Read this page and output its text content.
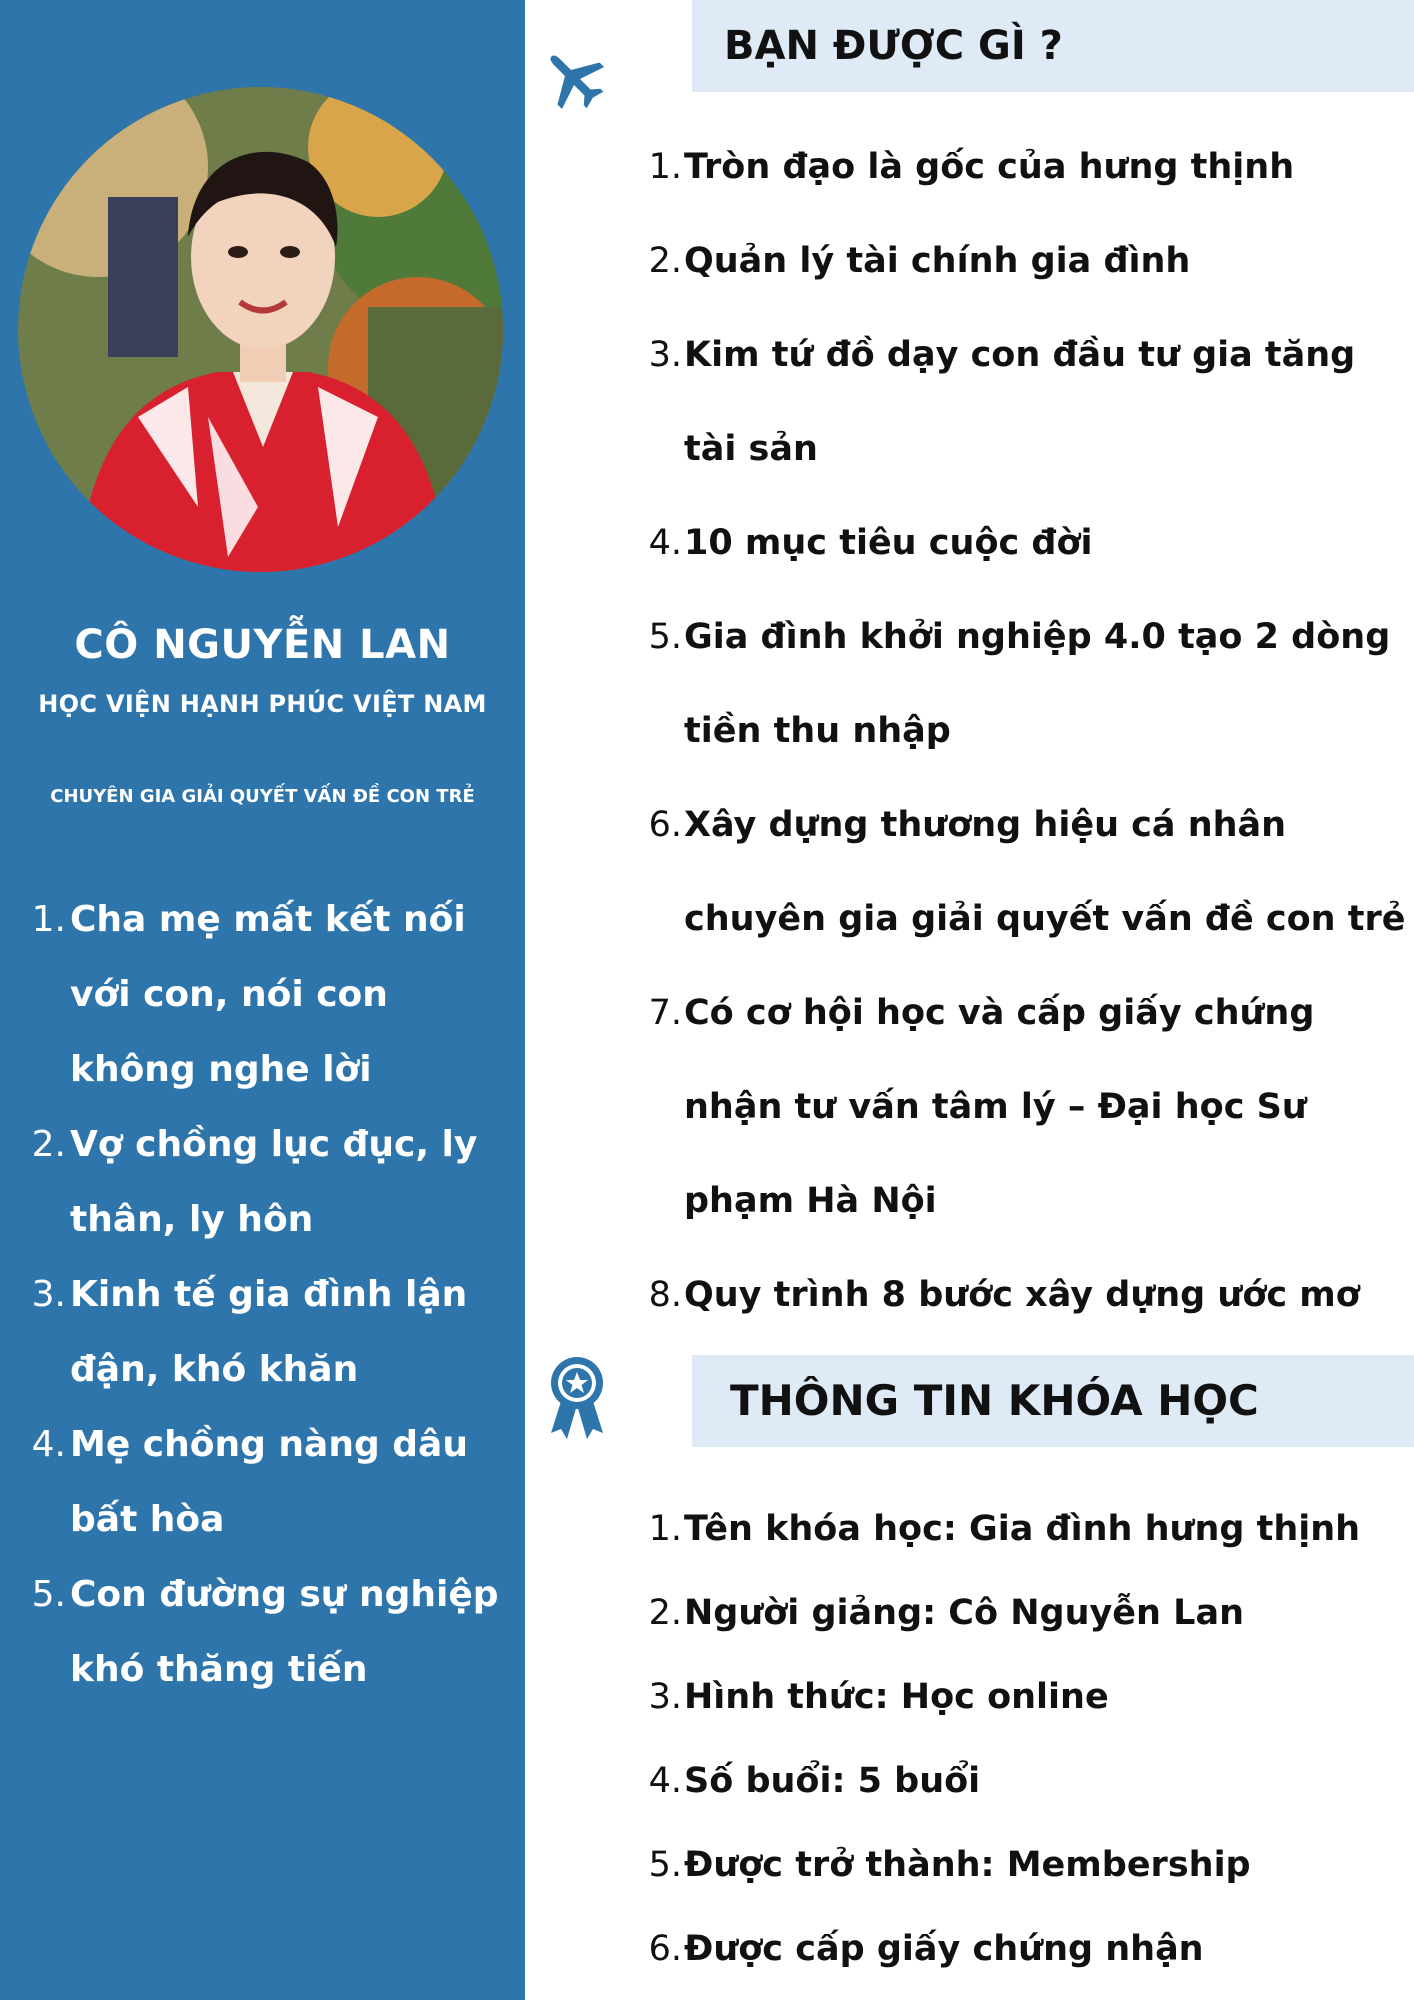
CÔ NGUYỄN LAN
HỌC VIỆN HẠNH PHÚC VIỆT NAM
CHUYÊN GIA GIẢI QUYẾT VẤN ĐỀ CON TRẺ
1. Cha mẹ mất kết nối với con, nói con không nghe lời
2. Vợ chồng lục đục, ly thân, ly hôn
3. Kinh tế gia đình lận đận, khó khăn
4. Mẹ chồng nàng dâu bất hòa
5. Con đường sự nghiệp khó thăng tiến
BẠN ĐƯỢC GÌ ?
1. Tròn đạo là gốc của hưng thịnh
2. Quản lý tài chính gia đình
3. Kim tứ đồ dạy con đầu tư gia tăng tài sản
4. 10 mục tiêu cuộc đời
5. Gia đình khởi nghiệp 4.0 tạo 2 dòng tiền thu nhập
6. Xây dựng thương hiệu cá nhân chuyên gia giải quyết vấn đề con trẻ
7. Có cơ hội học và cấp giấy chứng nhận tư vấn tâm lý – Đại học Sư phạm Hà Nội
8. Quy trình 8 bước xây dựng ước mơ
THÔNG TIN KHÓA HỌC
1. Tên khóa học: Gia đình hưng thịnh
2. Người giảng: Cô Nguyễn Lan
3. Hình thức: Học online
4. Số buổi: 5 buổi
5. Được trở thành: Membership
6. Được cấp giấy chứng nhận
